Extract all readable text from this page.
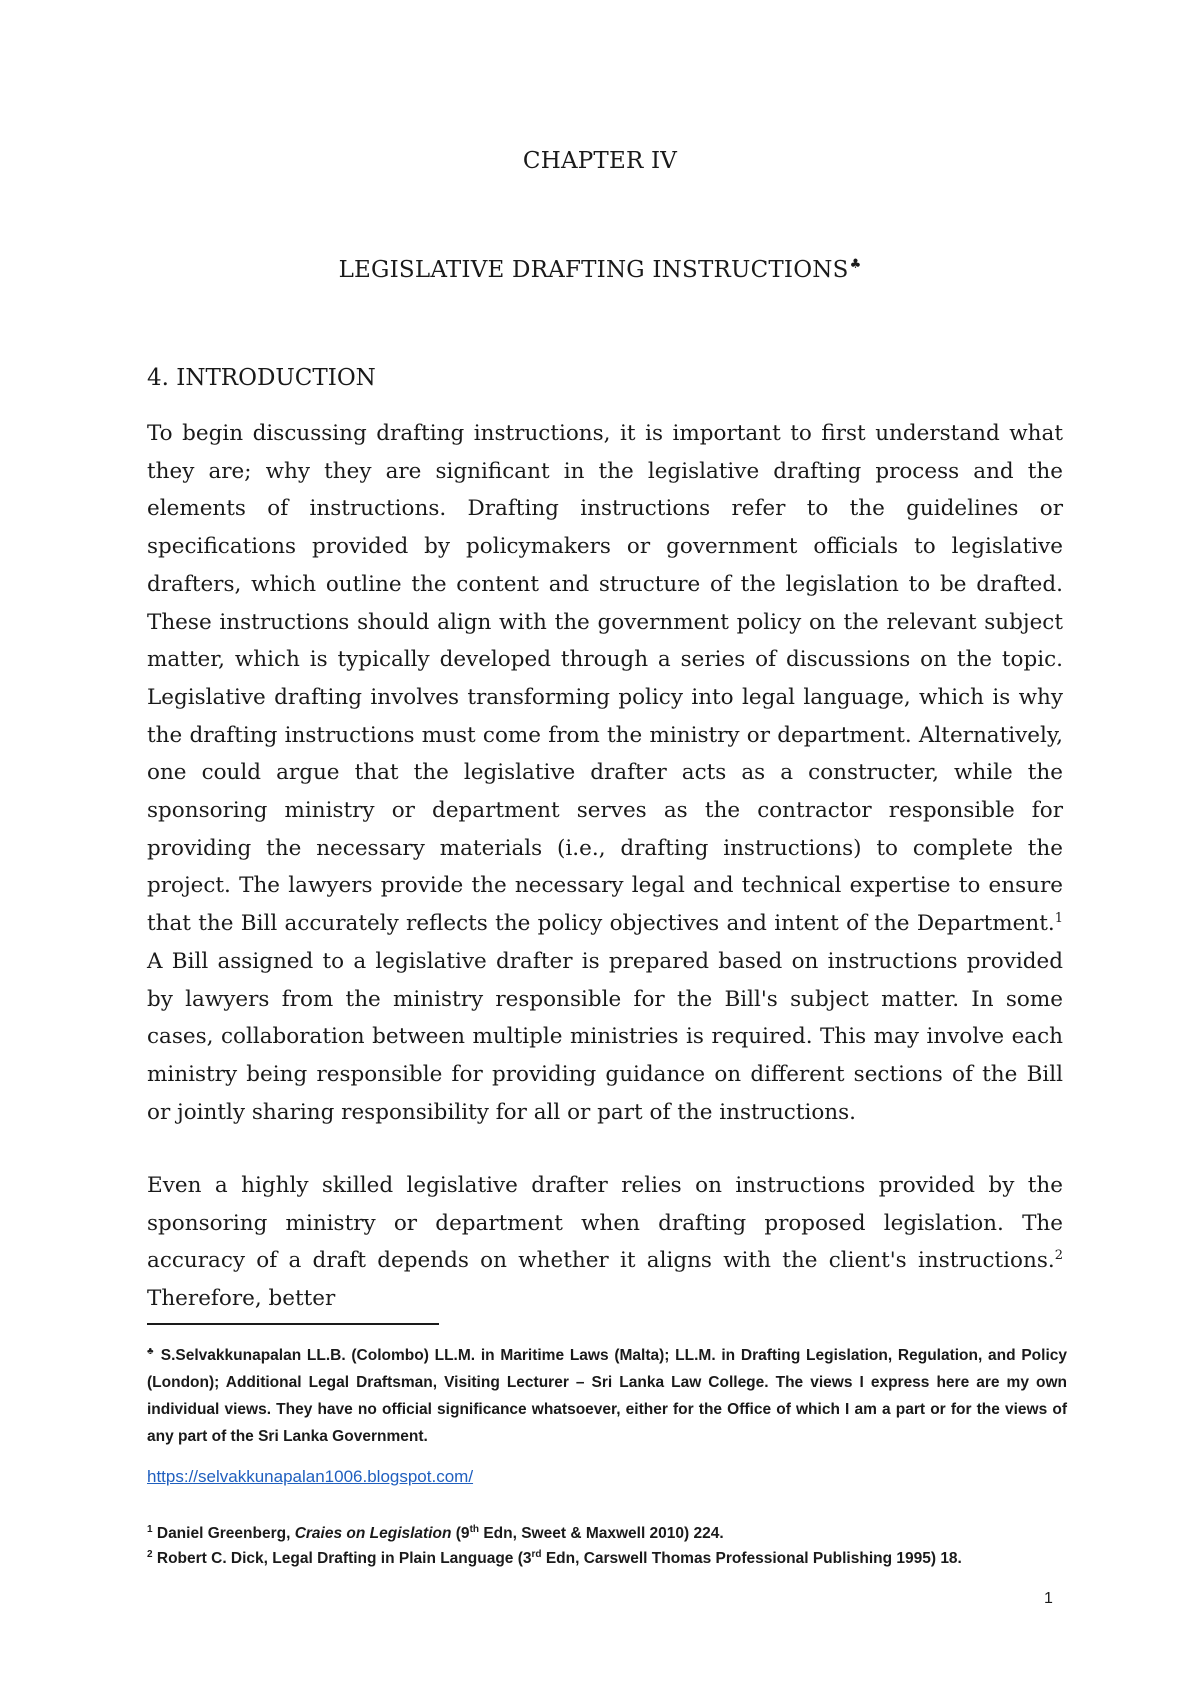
CHAPTER IV
LEGISLATIVE DRAFTING INSTRUCTIONS♣
4. INTRODUCTION

To begin discussing drafting instructions, it is important to first understand what they are; why they are significant in the legislative drafting process and the elements of instructions. Drafting instructions refer to the guidelines or specifications provided by policymakers or government officials to legislative drafters, which outline the content and structure of the legislation to be drafted. These instructions should align with the government policy on the relevant subject matter, which is typically developed through a series of discussions on the topic. Legislative drafting involves transforming policy into legal language, which is why the drafting instructions must come from the ministry or department. Alternatively, one could argue that the legislative drafter acts as a constructer, while the sponsoring ministry or department serves as the contractor responsible for providing the necessary materials (i.e., drafting instructions) to complete the project. The lawyers provide the necessary legal and technical expertise to ensure that the Bill accurately reflects the policy objectives and intent of the Department.$^1$ A Bill assigned to a legislative drafter is prepared based on instructions provided by lawyers from the ministry responsible for the Bill's subject matter. In some cases, collaboration between multiple ministries is required. This may involve each ministry being responsible for providing guidance on different sections of the Bill or jointly sharing responsibility for all or part of the instructions.

Even a highly skilled legislative drafter relies on instructions provided by the sponsoring ministry or department when drafting proposed legislation. The accuracy of a draft depends on whether it aligns with the client's instructions.$^2$ Therefore, better

♣ S.Selvakkunapalan LL.B. (Colombo) LL.M. in Maritime Laws (Malta); LL.M. in Drafting Legislation, Regulation, and Policy (London); Additional Legal Draftsman, Visiting Lecturer – Sri Lanka Law College. The views I express here are my own individual views. They have no official significance whatsoever, either for the Office of which I am a part or for the views of any part of the Sri Lanka Government.

https://selvakkunapalan1006.blogspot.com/

$^1$ Daniel Greenberg, Craies on Legislation (9th Edn, Sweet & Maxwell 2010) 224.

$^2$ Robert C. Dick, Legal Drafting in Plain Language (3rd Edn, Carswell Thomas Professional Publishing 1995) 18.

1
